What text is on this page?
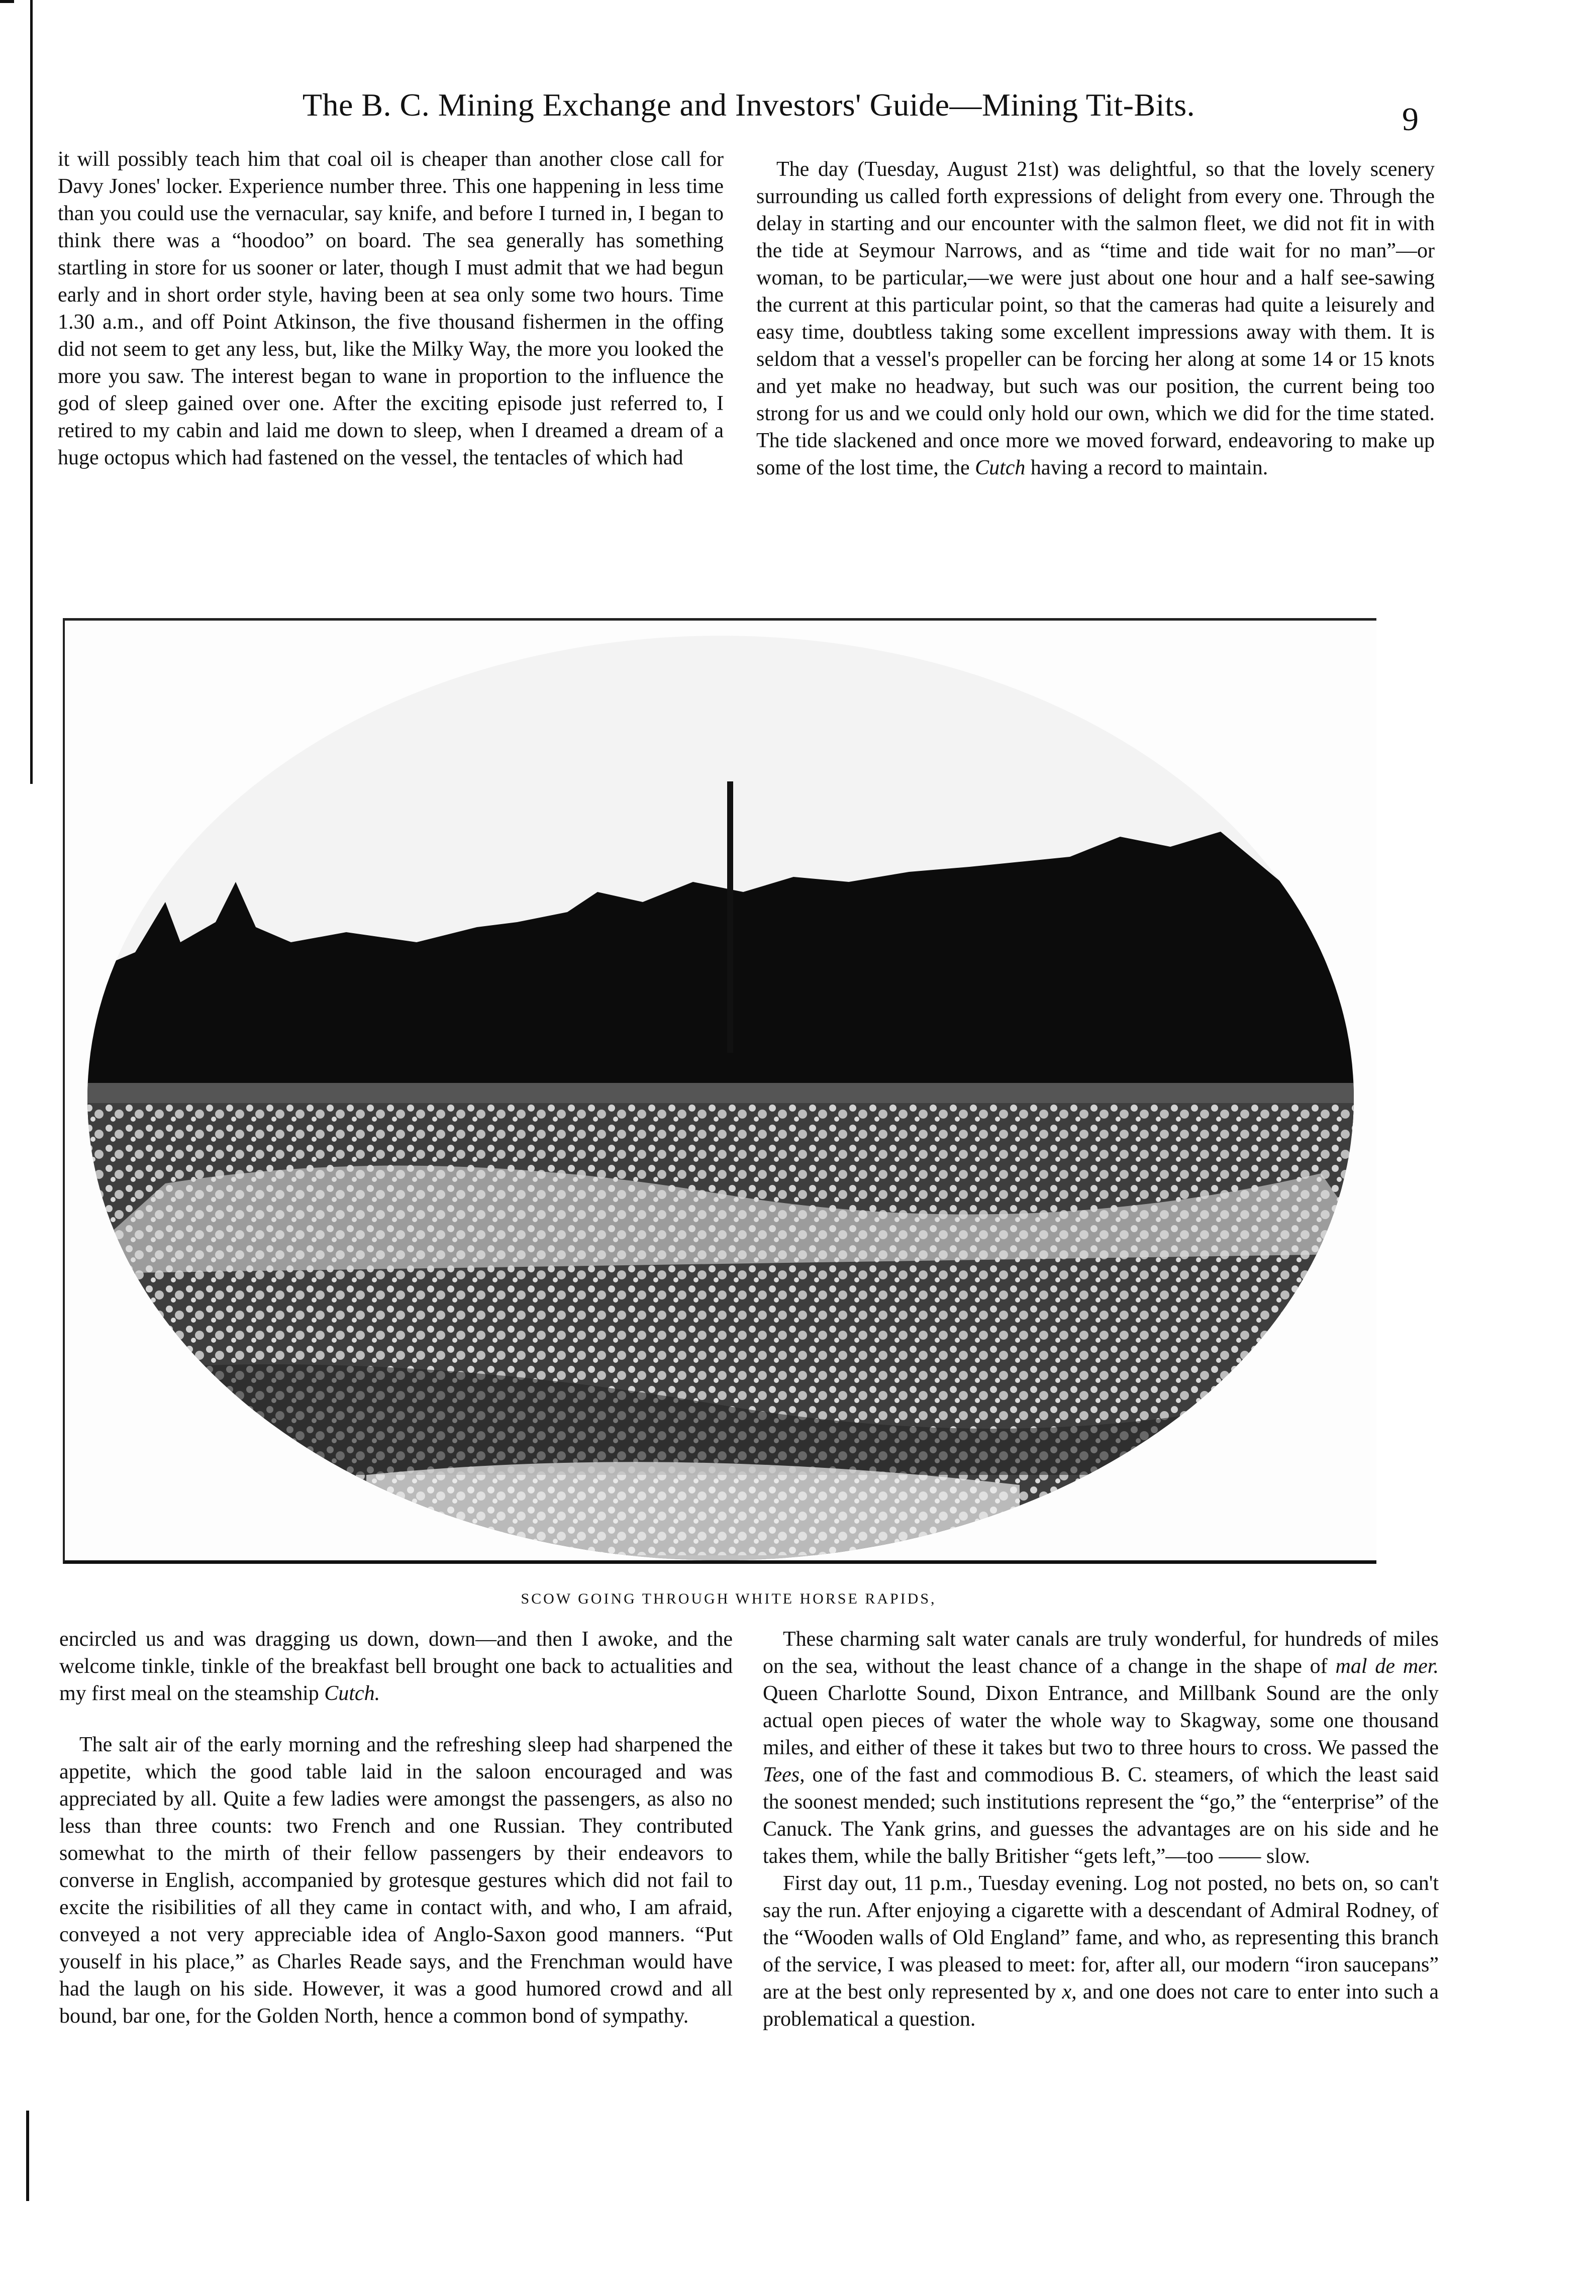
The B. C. Mining Exchange and Investors' Guide—Mining Tit-Bits.	9

it will possibly teach him that coal oil is cheaper than another close call for Davy Jones' locker. Experience number three. This one happening in less time than you could use the vernacular, say knife, and before I turned in, I began to think there was a “hoodoo” on board. The sea generally has something startling in store for us sooner or later, though I must admit that we had begun early and in short order style, having been at sea only some two hours. Time 1.30 a.m., and off Point Atkinson, the five thousand fishermen in the offing did not seem to get any less, but, like the Milky Way, the more you looked the more you saw. The interest began to wane in proportion to the influence the god of sleep gained over one. After the exciting episode just referred to, I retired to my cabin and laid me down to sleep, when I dreamed a dream of a huge octopus which had fastened on the vessel, the tentacles of which had

The day (Tuesday, August 21st) was delightful, so that the lovely scenery surrounding us called forth expressions of delight from every one. Through the delay in starting and our encounter with the salmon fleet, we did not fit in with the tide at Seymour Narrows, and as “time and tide wait for no man”—or woman, to be particular,—we were just about one hour and a half see-sawing the current at this particular point, so that the cameras had quite a leisurely and easy time, doubtless taking some excellent impressions away with them. It is seldom that a vessel's propeller can be forcing her along at some 14 or 15 knots and yet make no headway, but such was our position, the current being too strong for us and we could only hold our own, which we did for the time stated. The tide slackened and once more we moved forward, endeavoring to make up some of the lost time, the Cutch having a record to maintain.

SCOW GOING THROUGH WHITE HORSE RAPIDS,

encircled us and was dragging us down, down—and then I awoke, and the welcome tinkle, tinkle of the breakfast bell brought one back to actualities and my first meal on the steamship Cutch.

The salt air of the early morning and the refreshing sleep had sharpened the appetite, which the good table laid in the saloon encouraged and was appreciated by all. Quite a few ladies were amongst the passengers, as also no less than three counts: two French and one Russian. They contributed somewhat to the mirth of their fellow passengers by their endeavors to converse in English, accompanied by grotesque gestures which did not fail to excite the risibilities of all they came in contact with, and who, I am afraid, conveyed a not very appreciable idea of Anglo-Saxon good manners. “Put youself in his place,” as Charles Reade says, and the Frenchman would have had the laugh on his side. However, it was a good humored crowd and all bound, bar one, for the Golden North, hence a common bond of sympathy.

These charming salt water canals are truly wonderful, for hundreds of miles on the sea, without the least chance of a change in the shape of mal de mer. Queen Charlotte Sound, Dixon Entrance, and Millbank Sound are the only actual open pieces of water the whole way to Skagway, some one thousand miles, and either of these it takes but two to three hours to cross. We passed the Tees, one of the fast and commodious B. C. steamers, of which the least said the soonest mended; such institutions represent the “go,” the “enterprise” of the Canuck. The Yank grins, and guesses the advantages are on his side and he takes them, while the bally Britisher “gets left,”—too —— slow.

First day out, 11 p.m., Tuesday evening. Log not posted, no bets on, so can't say the run. After enjoying a cigarette with a descendant of Admiral Rodney, of the “Wooden walls of Old England” fame, and who, as representing this branch of the service, I was pleased to meet: for, after all, our modern “iron saucepans” are at the best only represented by x, and one does not care to enter into such a problematical a question.
